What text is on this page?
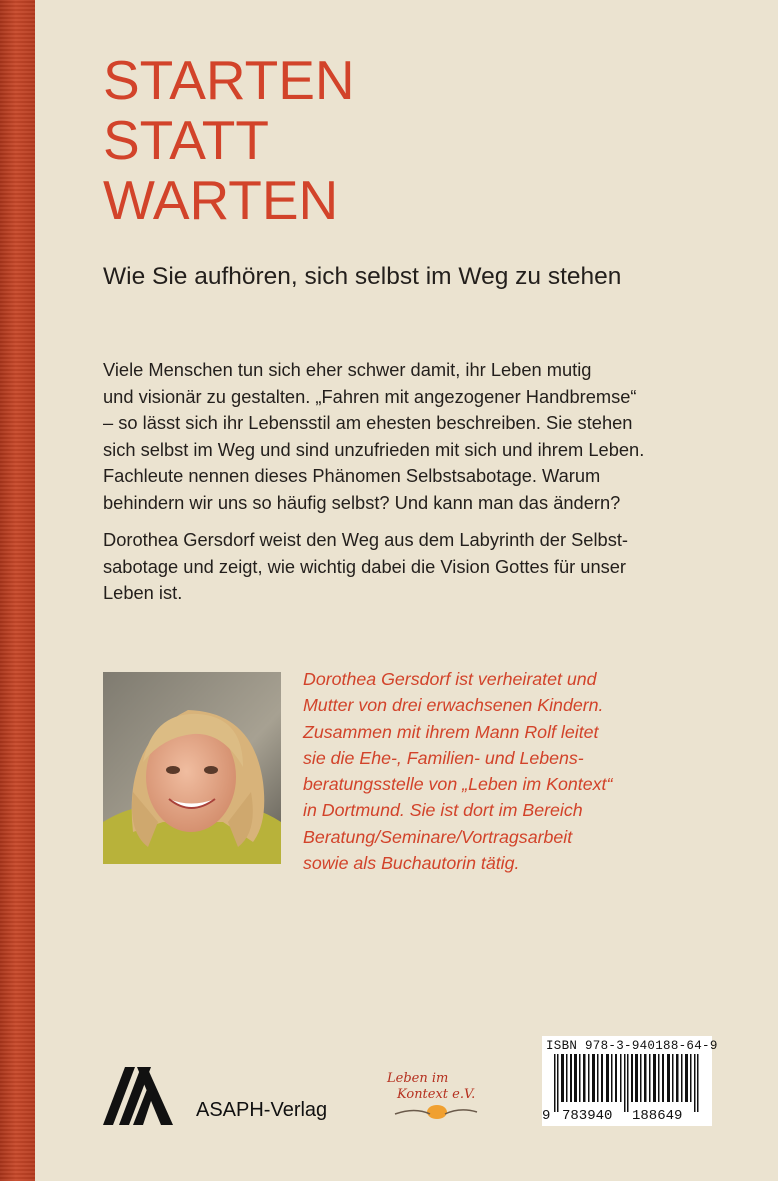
STARTEN
STATT
WARTEN
Wie Sie aufhören, sich selbst im Weg zu stehen
Viele Menschen tun sich eher schwer damit, ihr Leben mutig
und visionär zu gestalten. „Fahren mit angezogener Handbremse“
– so lässt sich ihr Lebensstil am ehesten beschreiben. Sie stehen
sich selbst im Weg und sind unzufrieden mit sich und ihrem Leben.
Fachleute nennen dieses Phänomen Selbstsabotage. Warum
behindern wir uns so häufig selbst? Und kann man das ändern?
Dorothea Gersdorf weist den Weg aus dem Labyrinth der Selbst-
sabotage und zeigt, wie wichtig dabei die Vision Gottes für unser
Leben ist.
Dorothea Gersdorf ist verheiratet und
Mutter von drei erwachsenen Kindern.
Zusammen mit ihrem Mann Rolf leitet
sie die Ehe-, Familien- und Lebens-
beratungsstelle von „Leben im Kontext“
in Dortmund. Sie ist dort im Bereich
Beratung/Seminare/Vortragsarbeit
sowie als Buchautorin tätig.
ASAPH-Verlag
Leben im
Kontext e.V.
ISBN 978-3-940188-64-9
9 783940 188649
